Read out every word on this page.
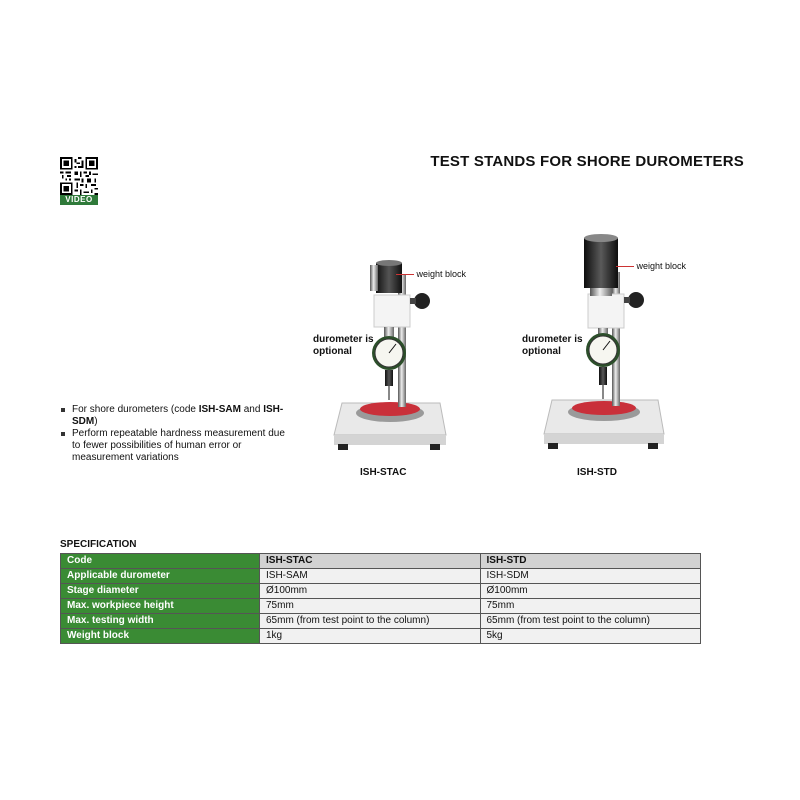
VIDEO
TEST STANDS FOR SHORE DUROMETERS
weight block
durometer is optional
ISH-STAC
weight block
durometer is optional
ISH-STD
For shore durometers (code ISH-SAM and ISH-SDM)
Perform repeatable hardness measurement due to fewer possibilities of human error or measurement variations
SPECIFICATION
Code	ISH-STAC	ISH-STD
Applicable durometer	ISH-SAM	ISH-SDM
Stage diameter	Ø100mm	Ø100mm
Max. workpiece height	75mm	75mm
Max. testing width	65mm (from test point to the column)	65mm (from test point to the column)
Weight block	1kg	5kg
